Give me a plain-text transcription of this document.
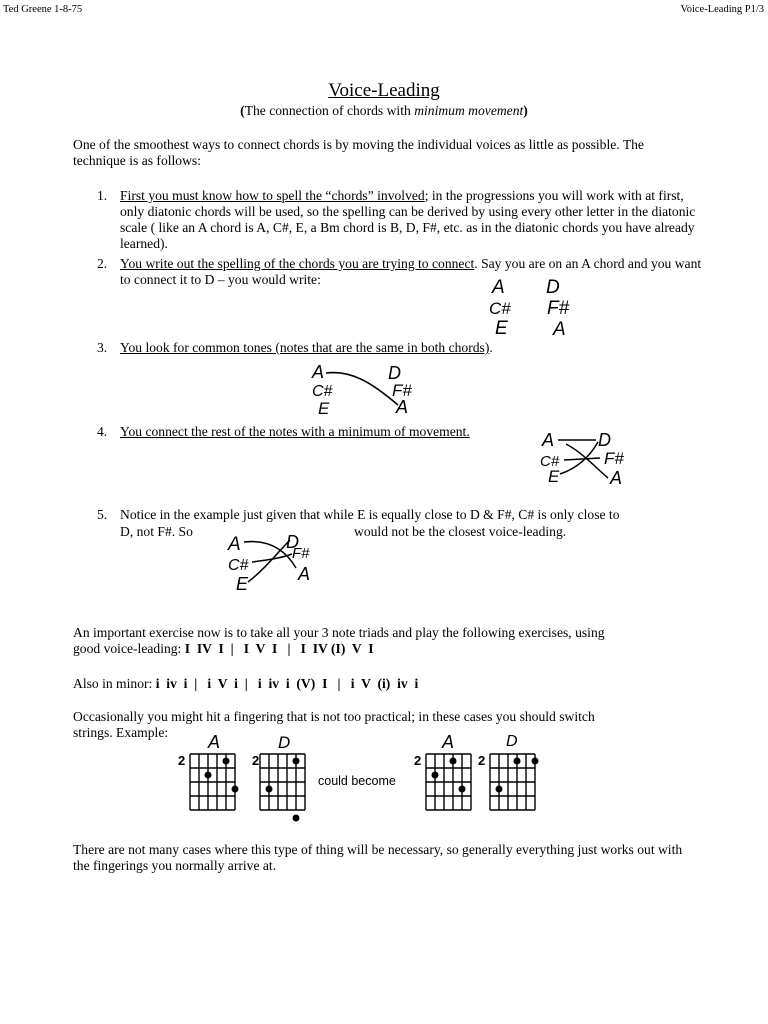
Ted Greene 1-8-75	Voice-Leading P1/3
Voice-Leading
(The connection of chords with minimum movement)
One of the smoothest ways to connect chords is by moving the individual voices as little as possible. The technique is as follows:
1. First you must know how to spell the “chords” involved; in the progressions you will work with at first, only diatonic chords will be used, so the spelling can be derived by using every other letter in the diatonic scale ( like an A chord is A, C#, E, a Bm chord is B, D, F#, etc. as in the diatonic chords you have already learned).
2. You write out the spelling of the chords you are trying to connect. Say you are on an A chord and you want to connect it to D – you would write:	A
C#
E
D
F#
A
3. You look for common tones (notes that are the same in both chords).
A
C#
E
D
F#
A
4. You connect the rest of the notes with a minimum of movement.	A
C#
E
D
F#
A
5. Notice in the example just given that while E is equally close to D & F#, C# is only close to
D, not F#. So	would not be the closest voice-leading.
A
C#
E
D
F#
A
An important exercise now is to take all your 3 note triads and play the following exercises, using
good voice-leading: I  IV  I  |   I  V  I   |   I  IV (I)  V  I
Also in minor: i  iv  i  |   i  V  i  |   i  iv  i  (V)  I   |   i  V  (i)  iv  i
Occasionally you might hit a fingering that is not too practical; in these cases you should switch
strings. Example:
2
A
2
D
2
A
2
D
could become
There are not many cases where this type of thing will be necessary, so generally everything just works out with the fingerings you normally arrive at.
